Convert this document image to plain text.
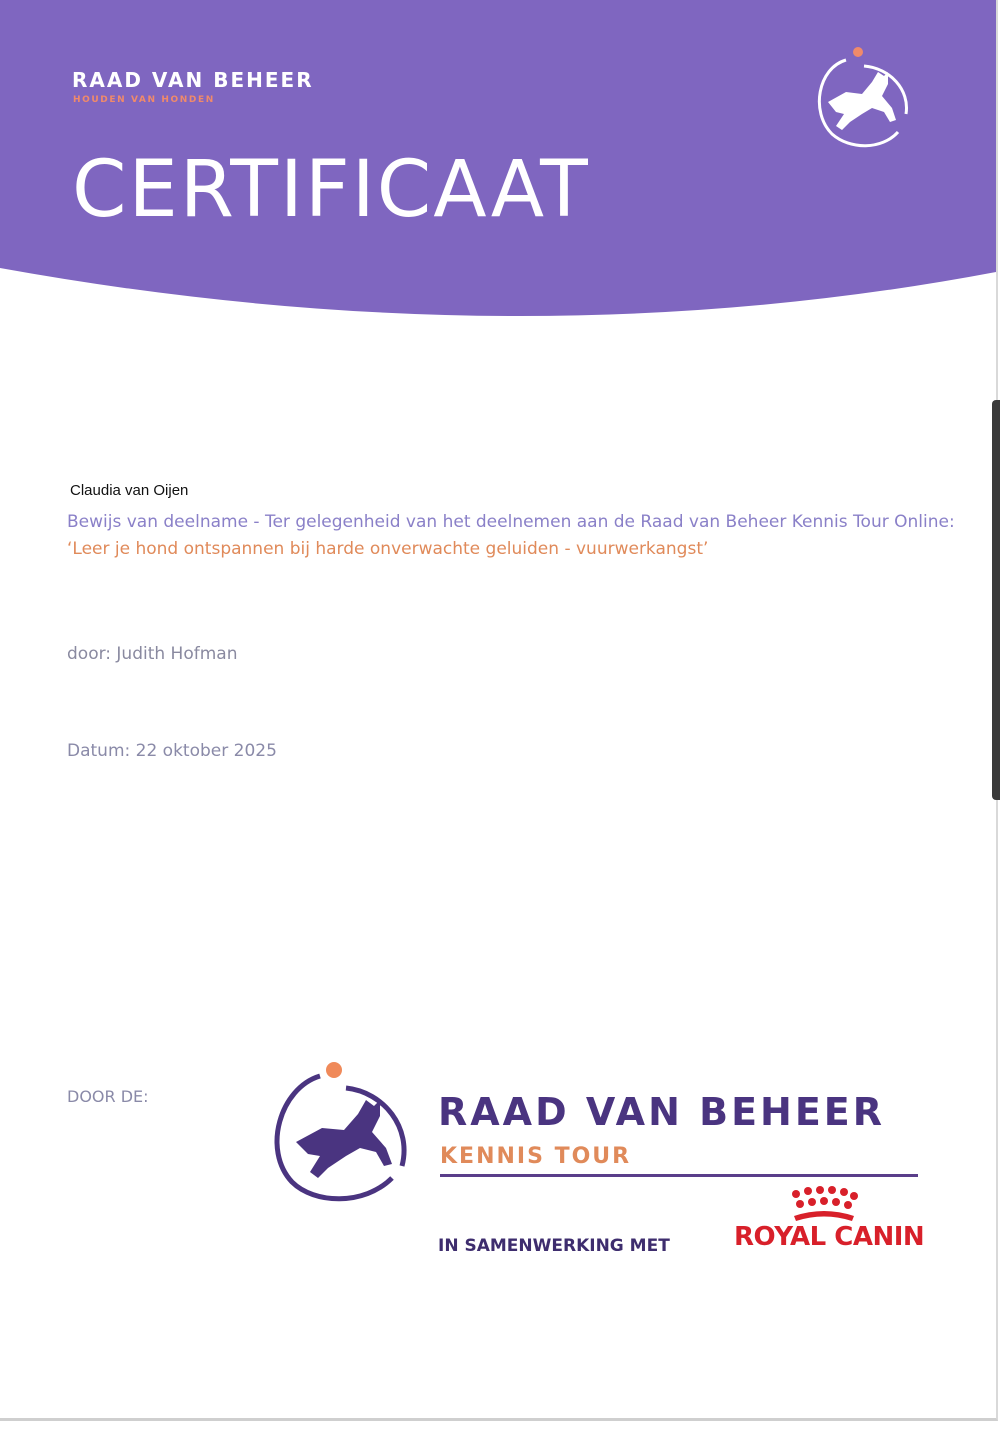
RAAD VAN BEHEER
HOUDEN VAN HONDEN
CERTIFICAAT
Claudia van Oijen
Bewijs van deelname - Ter gelegenheid van het deelnemen aan de Raad van Beheer Kennis Tour Online: ‘Leer je hond ontspannen bij harde onverwachte geluiden - vuurwerkangst’
door: Judith Hofman
Datum: 22 oktober 2025
DOOR DE:	RAAD VAN BEHEER
KENNIS TOUR
IN SAMENWERKING MET ROYAL CANIN
